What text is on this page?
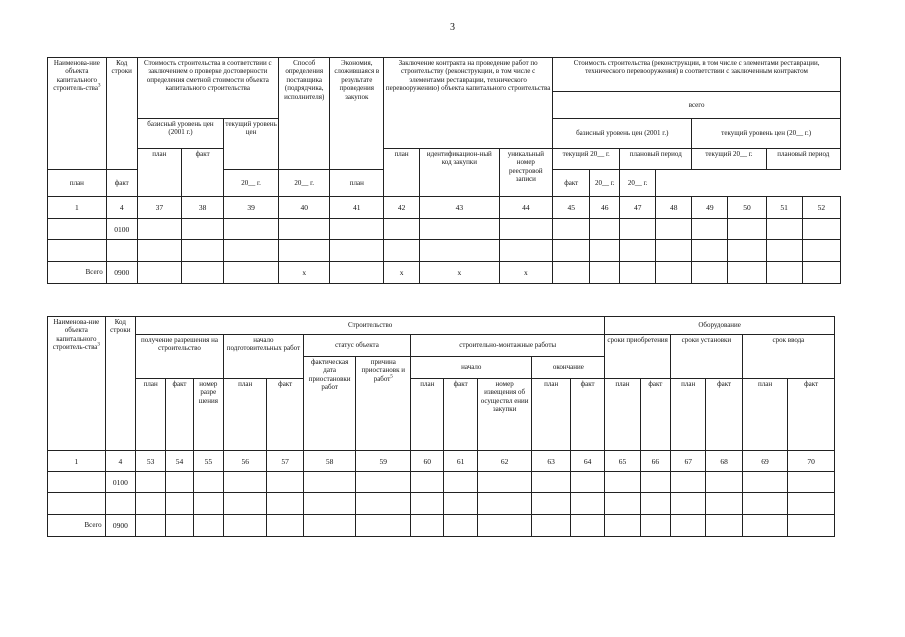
3
Наименова-ние объекта капитального строитель-ства$^3$	Код строки	Стоимость строительства в соответствии с заключением о проверке достоверности определения сметной стоимости объекта капитального строительства			Способ определения поставщика (подрядчика, исполнителя)	Экономия, сложившаяся в результате проведения закупок	Заключение контракта на проведение работ по строительству (реконструкции, в том числе с элементами реставрации, технического перевооружению) объекта капитального строительства			Стоимость строительства (реконструкции, в том числе с элементами реставрации, технического перевооружения) в соответствии с заключенным контрактом							
										всего							
		базисный уровень цен (2001 г.)		текущий уровень цен						базисный уровень цен (2001 г.)				текущий уровень цен (20__ г.)			
		план	факт				план	идентификацион-ный код закупки	уникальный номер реестровой записи	текущий 20__ г.		плановый период		текущий 20__ г.		плановый период	
план	факт			20__ г.	20__ г.	план				факт	20__ г.	20__ г.					
1	4	37	38	39	40	41	42	43	44	45	46	47	48	49	50	51	52
	0100																

Всего	0900				x		x	x	x								
Наименова-ние объекта капитального строитель-ства$^3$	Код строки	Строительство												Оборудование					
		получение разрешения на строительство			начало подготовительных работ		статус объекта		строительно-монтажные работы					сроки приобретения		сроки установки		срок ввода	
							фактическая дата приостановки работ	причина приостановк и работ$^5$	начало			окончание							
		план	факт	номер разре шения	план	факт			план	факт	номер извещения об осуществл ении закупки	план	факт	план	факт	план	факт	план	факт
1	4	53	54	55	56	57	58	59	60	61	62	63	64	65	66	67	68	69	70
	0100																		

Всего	0900																		
